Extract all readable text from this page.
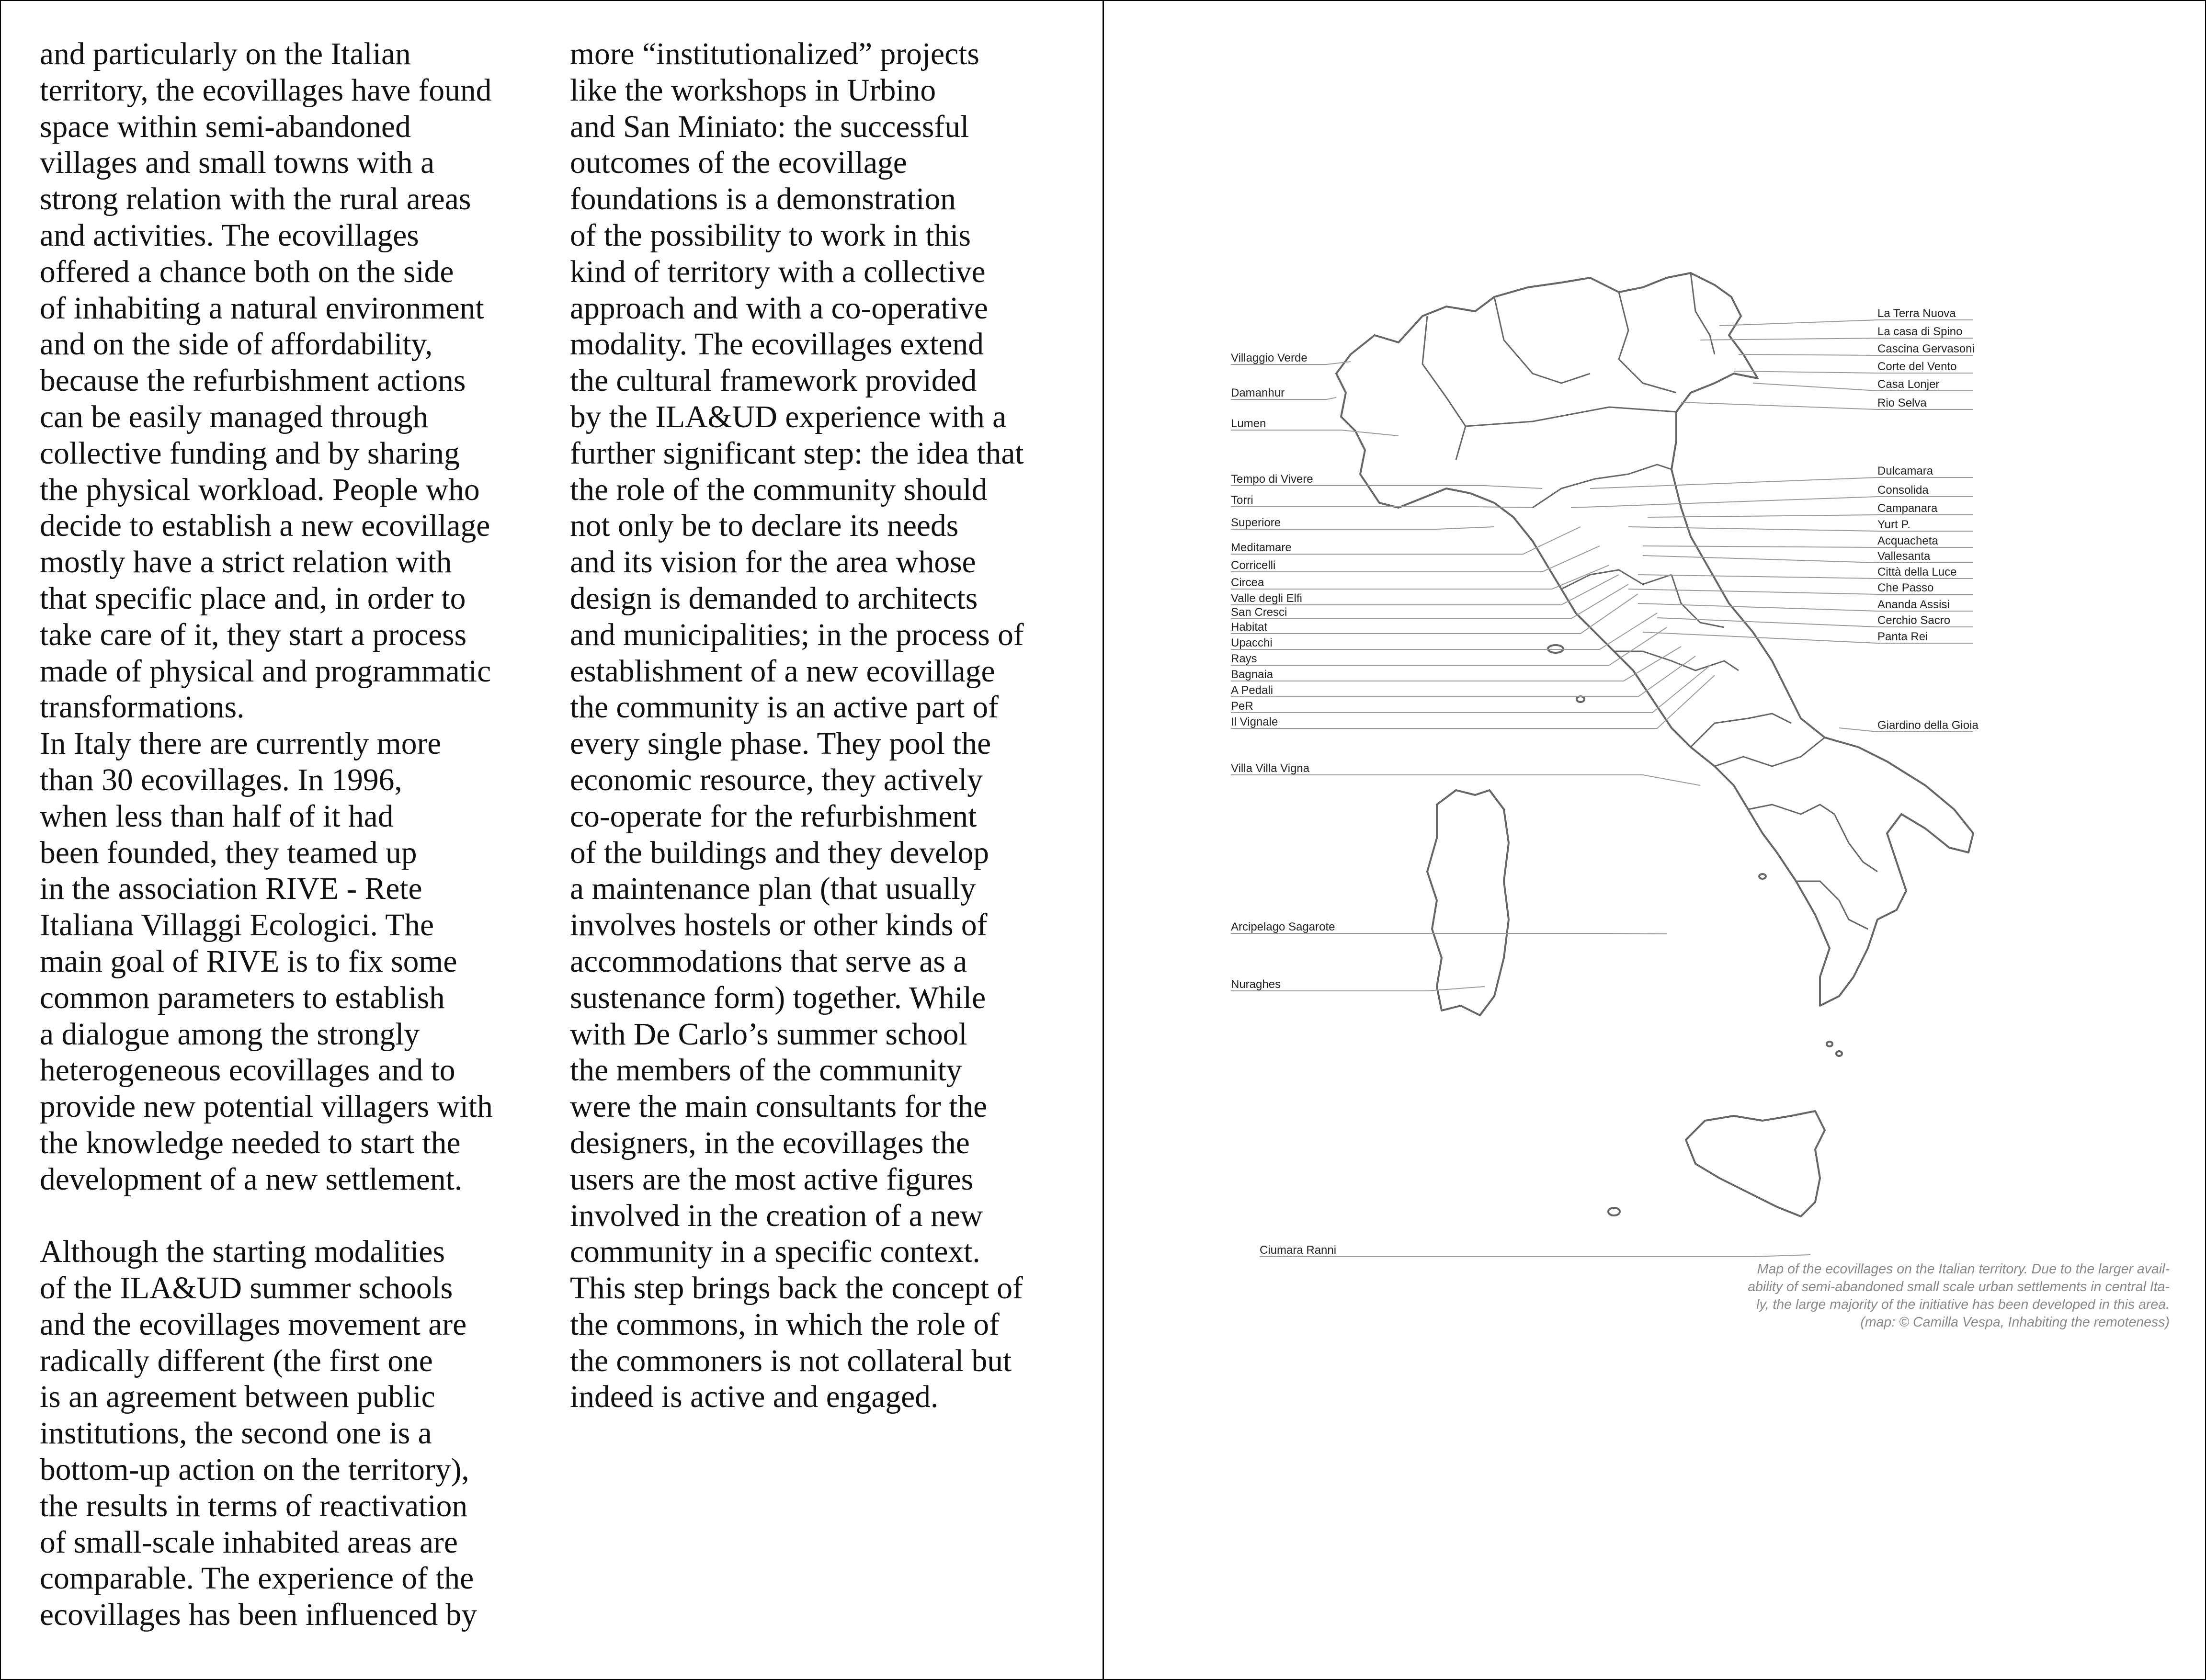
and particularly on the Italian

territory, the ecovillages have found

space within semi-abandoned

villages and small towns with a

strong relation with the rural areas

and activities. The ecovillages

offered a chance both on the side

of inhabiting a natural environment

and on the side of affordability,

because the refurbishment actions

can be easily managed through

collective funding and by sharing

the physical workload. People who

decide to establish a new ecovillage

mostly have a strict relation with

that specific place and, in order to

take care of it, they start a process

made of physical and programmatic

transformations.

In Italy there are currently more

than 30 ecovillages. In 1996,

when less than half of it had

been founded, they teamed up

in the association RIVE - Rete

Italiana Villaggi Ecologici. The

main goal of RIVE is to fix some

common parameters to establish

a dialogue among the strongly

heterogeneous ecovillages and to

provide new potential villagers with

the knowledge needed to start the

development of a new settlement.

Although the starting modalities

of the ILA&UD summer schools

and the ecovillages movement are

radically different (the first one

is an agreement between public

institutions, the second one is a

bottom-up action on the territory),

the results in terms of reactivation

of small-scale inhabited areas are

comparable. The experience of the

ecovillages has been influenced by

more “institutionalized” projects

like the workshops in Urbino

and San Miniato: the successful

outcomes of the ecovillage

foundations is a demonstration

of the possibility to work in this

kind of territory with a collective

approach and with a co-operative

modality. The ecovillages extend

the cultural framework provided

by the ILA&UD experience with a

further significant step: the idea that

the role of the community should

not only be to declare its needs

and its vision for the area whose

design is demanded to architects

and municipalities; in the process of

establishment of a new ecovillage

the community is an active part of

every single phase. They pool the

economic resource, they actively

co-operate for the refurbishment

of the buildings and they develop

a maintenance plan (that usually

involves hostels or other kinds of

accommodations that serve as a

sustenance form) together. While

with De Carlo’s summer school

the members of the community

were the main consultants for the

designers, in the ecovillages the

users are the most active figures

involved in the creation of a new

community in a specific context.

This step brings back the concept of

the commons, in which the role of

the commoners is not collateral but

indeed is active and engaged.

Villaggio Verde
Damanhur
Lumen
Tempo di Vivere
Torri
Superiore
Meditamare
Corricelli
Circea
Valle degli Elfi
San Cresci
Habitat
Upacchi
Rays
Bagnaia
A Pedali
PeR
Il Vignale
Villa Villa Vigna
Arcipelago Sagarote
Nuraghes
Ciumara Ranni
La Terra Nuova
La casa di Spino
Cascina Gervasoni
Corte del Vento
Casa Lonjer
Rio Selva
Dulcamara
Consolida
Campanara
Yurt P.
Acquacheta
Vallesanta
Città della Luce
Che Passo
Ananda Assisi
Cerchio Sacro
Panta Rei
Giardino della Gioia
Map of the ecovillages on the Italian territory. Due to the larger avail-
ability of semi-abandoned small scale urban settlements in central Ita-
ly, the large majority of the initiative has been developed in this area.
(map: © Camilla Vespa, Inhabiting the remoteness)
